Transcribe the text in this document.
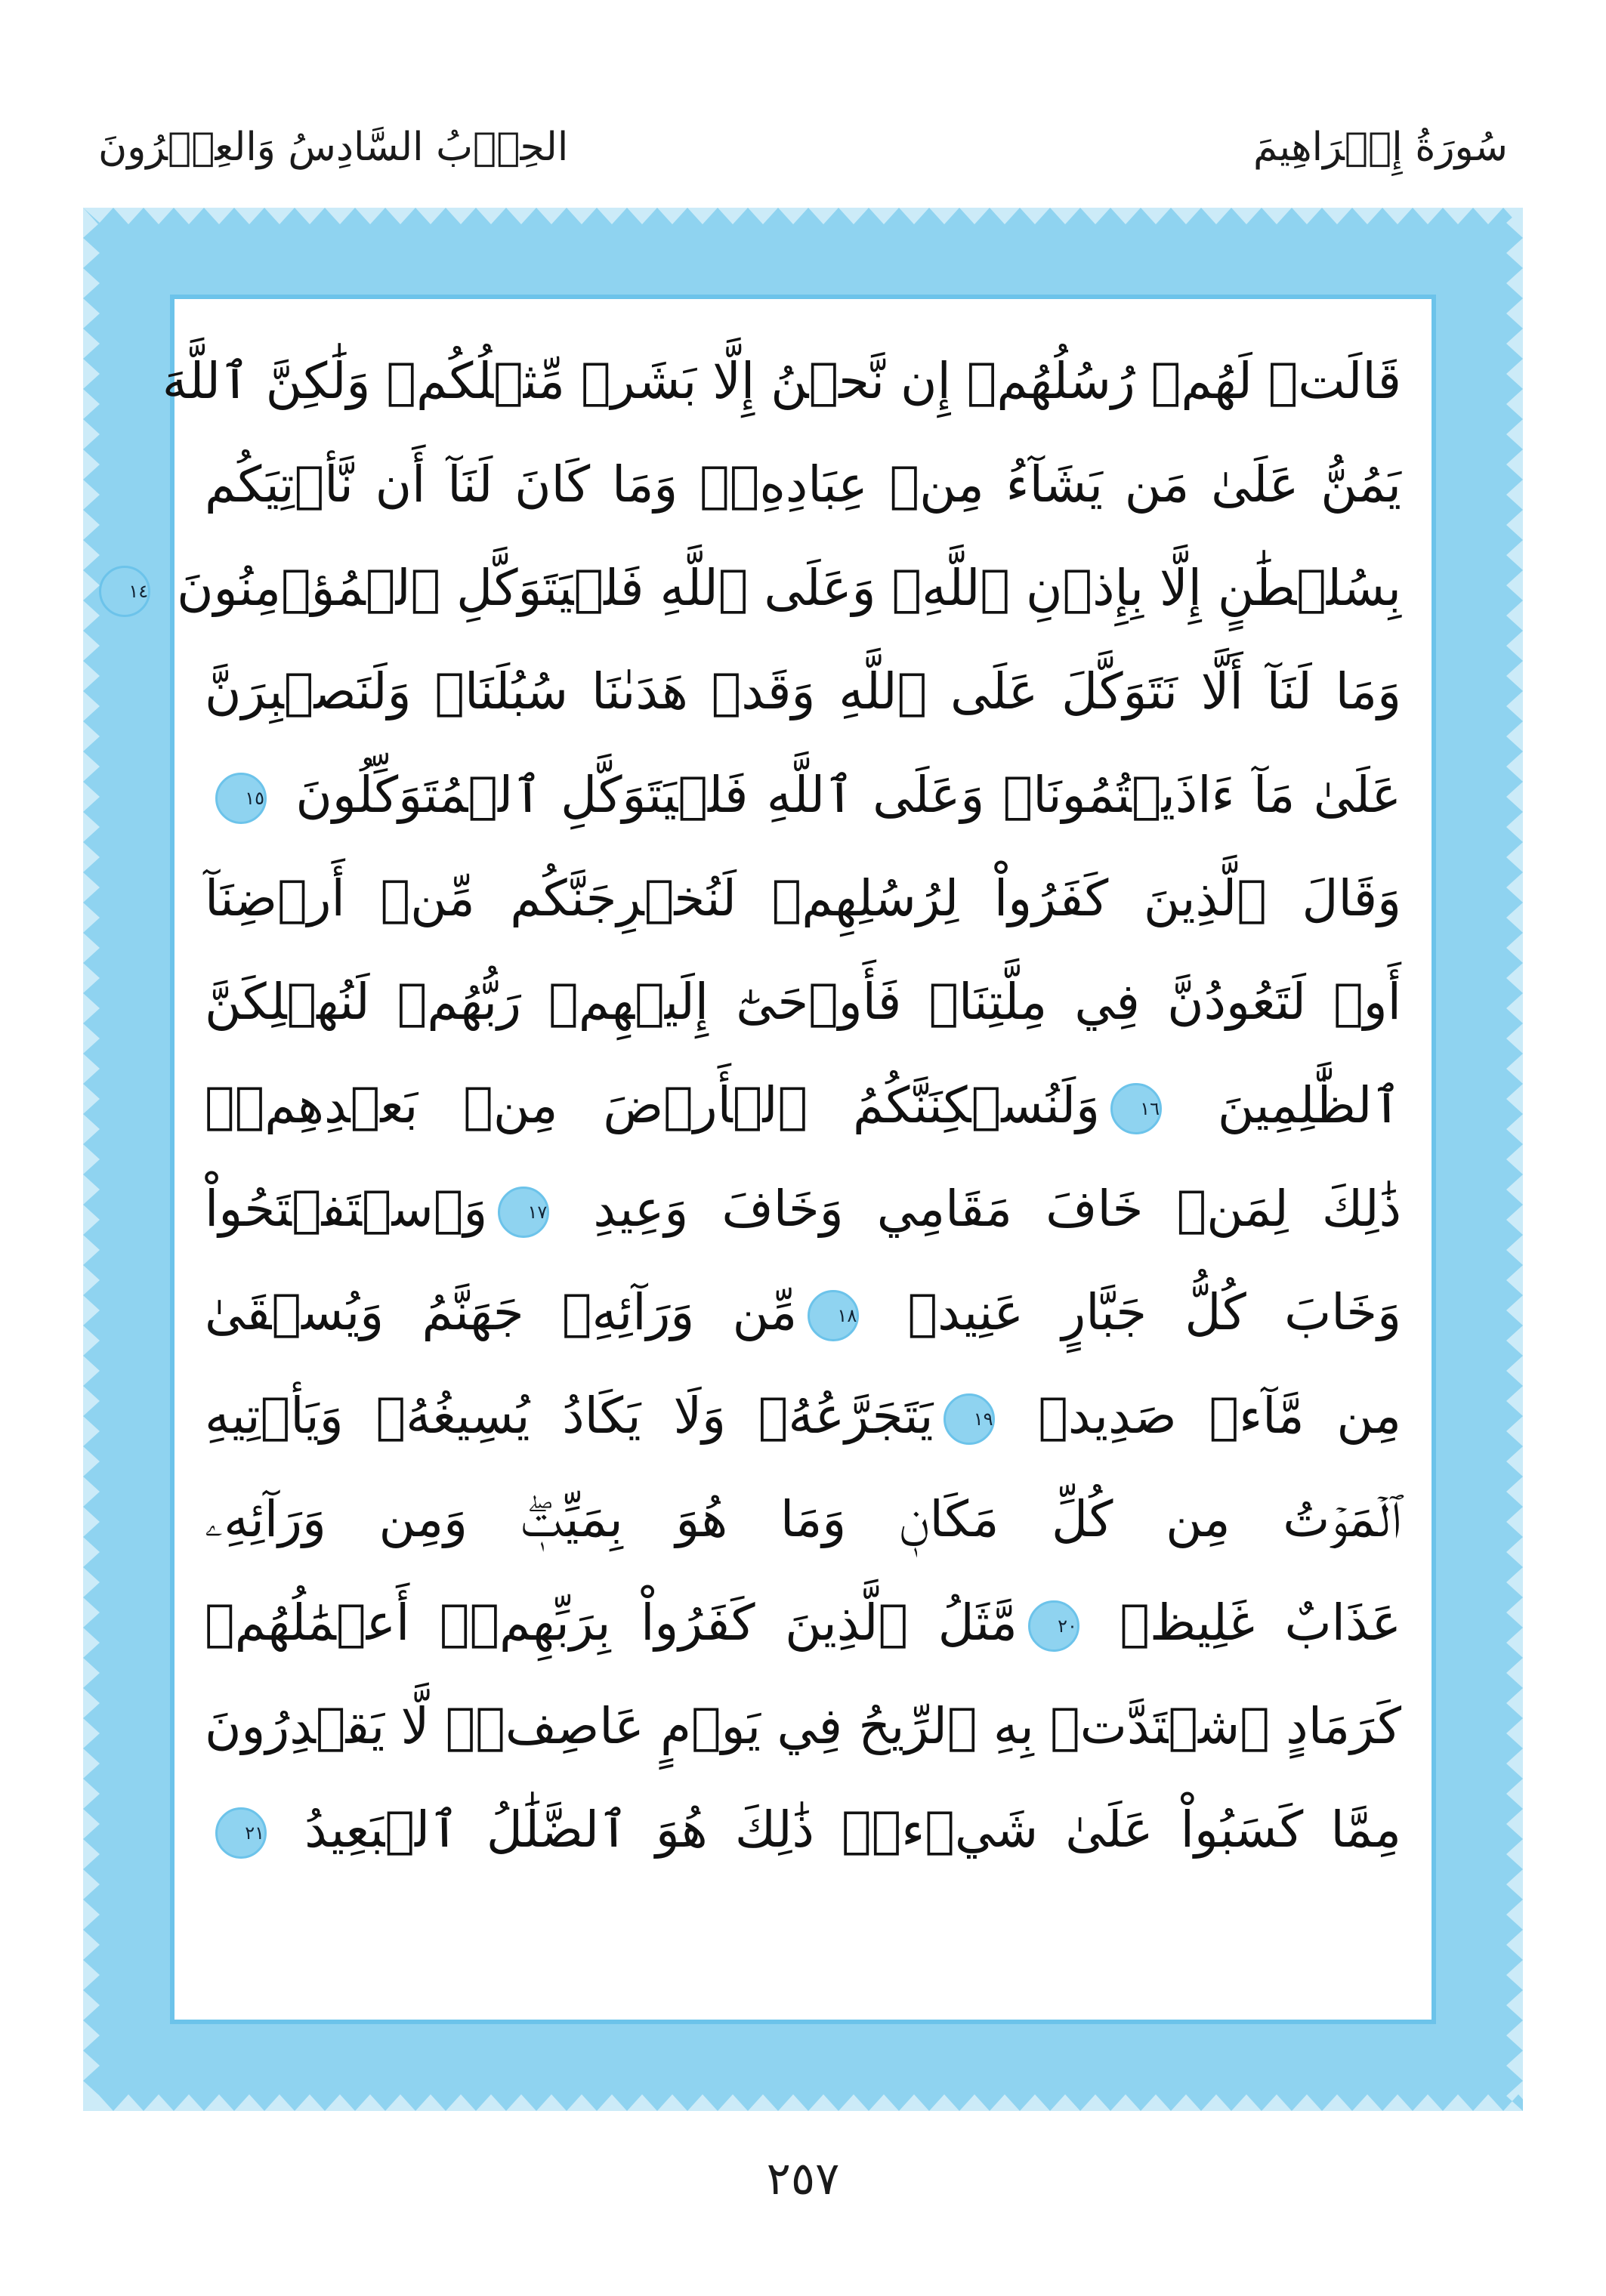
سُورَةُ إِبۡرَاهِيمَ
الحِزۡبُ السَّادِسُ وَالعِشۡرُونَ
قَالَتۡ لَهُمۡ رُسُلُهُمۡ إِن نَّحۡنُ إِلَّا بَشَرٞ مِّثۡلُكُمۡ وَلَٰكِنَّ ٱللَّهَ
يَمُنُّ عَلَىٰ مَن يَشَآءُ مِنۡ عِبَادِهِۦۖ وَمَا كَانَ لَنَآ أَن نَّأۡتِيَكُم
بِسُلۡطَٰنٍ إِلَّا بِإِذۡنِ ٱللَّهِۚ وَعَلَى ٱللَّهِ فَلۡيَتَوَكَّلِ ٱلۡمُؤۡمِنُونَ
١٤
وَمَا لَنَآ أَلَّا نَتَوَكَّلَ عَلَى ٱللَّهِ وَقَدۡ هَدَىٰنَا سُبُلَنَاۚ وَلَنَصۡبِرَنَّ
عَلَىٰ مَآ ءَاذَيۡتُمُونَاۚ وَعَلَى ٱللَّهِ فَلۡيَتَوَكَّلِ ٱلۡمُتَوَكِّلُونَ
١٥
وَقَالَ ٱلَّذِينَ كَفَرُواْ لِرُسُلِهِمۡ لَنُخۡرِجَنَّكُم مِّنۡ أَرۡضِنَآ
أَوۡ لَتَعُودُنَّ فِي مِلَّتِنَاۖ فَأَوۡحَىٰٓ إِلَيۡهِمۡ رَبُّهُمۡ لَنُهۡلِكَنَّ
ٱلظَّٰلِمِينَ
١٦
وَلَنُسۡكِنَنَّكُمُ ٱلۡأَرۡضَ مِنۢ بَعۡدِهِمۡۚ
ذَٰلِكَ لِمَنۡ خَافَ مَقَامِي وَخَافَ وَعِيدِ
١٧
وَٱسۡتَفۡتَحُواْ
وَخَابَ كُلُّ جَبَّارٍ عَنِيدٖ
١٨
مِّن وَرَآئِهِۦ جَهَنَّمُ وَيُسۡقَىٰ
مِن مَّآءٖ صَدِيدٖ
١٩
يَتَجَرَّعُهُۥ وَلَا يَكَادُ يُسِيغُهُۥ وَيَأۡتِيهِ
ٱلۡمَوۡتُ مِن كُلِّ مَكَانٖ وَمَا هُوَ بِمَيِّتٖۖ وَمِن وَرَآئِهِۦ
عَذَابٌ غَلِيظٞ
٢٠
مَّثَلُ ٱلَّذِينَ كَفَرُواْ بِرَبِّهِمۡۖ أَعۡمَٰلُهُمۡ
كَرَمَادٍ ٱشۡتَدَّتۡ بِهِ ٱلرِّيحُ فِي يَوۡمٍ عَاصِفٖۖ لَّا يَقۡدِرُونَ
مِمَّا كَسَبُواْ عَلَىٰ شَيۡءٖۚ ذَٰلِكَ هُوَ ٱلضَّلَٰلُ ٱلۡبَعِيدُ
٢١
٢٥٧
